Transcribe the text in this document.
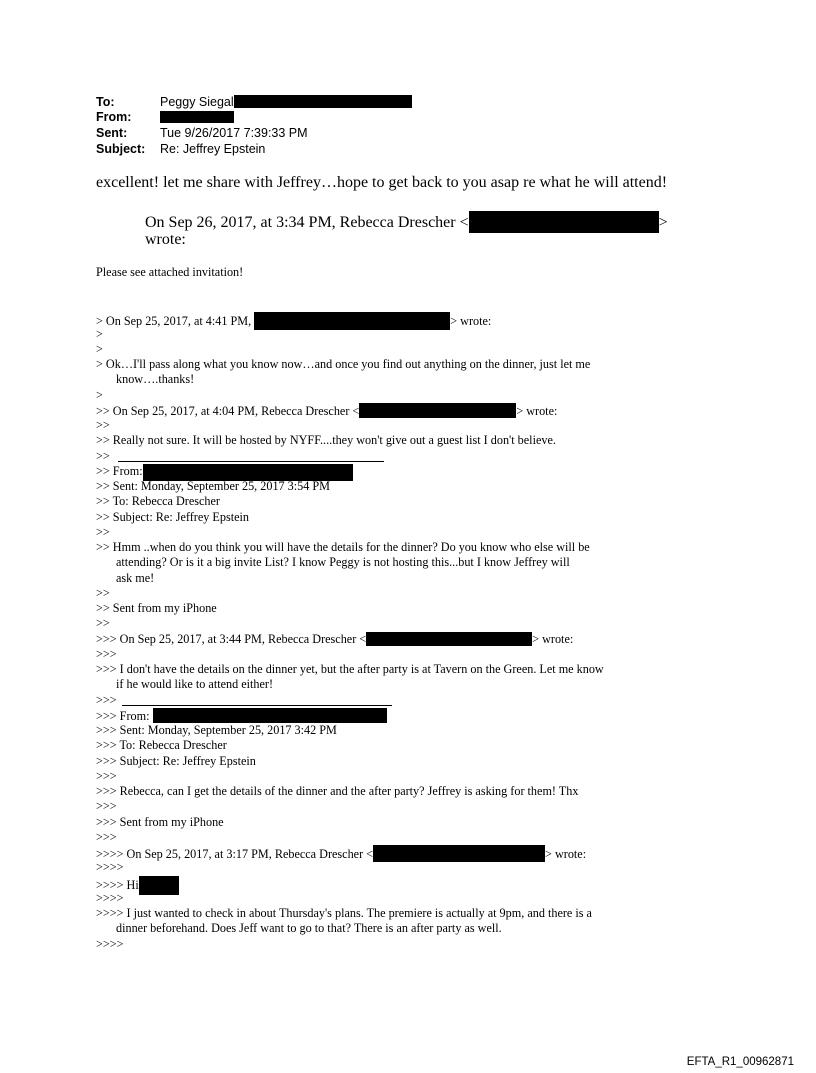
To:	Peggy Siegal
From:
Sent:	Tue 9/26/2017 7:39:33 PM
Subject: Re: Jeffrey Epstein
excellent! let me share with Jeffrey…hope to get back to you asap re what he will attend!
On Sep 26, 2017, at 3:34 PM, Rebecca Drescher <	>
wrote:
Please see attached invitation!
> On Sep 25, 2017, at 4:41 PM,	> wrote:
>
>
> Ok…I'll pass along what you know now…and once you find out anything on the dinner, just let me
know….thanks!
>
>> On Sep 25, 2017, at 4:04 PM, Rebecca Drescher <	> wrote:
>>
>> Really not sure. It will be hosted by NYFF....they won't give out a guest list I don't believe.
>>
>> From:
>> Sent: Monday, September 25, 2017 3:54 PM
>> To: Rebecca Drescher
>> Subject: Re: Jeffrey Epstein
>>
>> Hmm ..when do you think you will have the details for the dinner? Do you know who else will be
attending? Or is it a big invite List? I know Peggy is not hosting this...but I know Jeffrey will
ask me!
>>
>> Sent from my iPhone
>>
>>> On Sep 25, 2017, at 3:44 PM, Rebecca Drescher <	> wrote:
>>>
>>> I don't have the details on the dinner yet, but the after party is at Tavern on the Green. Let me know
if he would like to attend either!
>>>
>>> From:
>>> Sent: Monday, September 25, 2017 3:42 PM
>>> To: Rebecca Drescher
>>> Subject: Re: Jeffrey Epstein
>>>
>>> Rebecca, can I get the details of the dinner and the after party? Jeffrey is asking for them! Thx
>>>
>>> Sent from my iPhone
>>>
>>>> On Sep 25, 2017, at 3:17 PM, Rebecca Drescher <	> wrote:
>>>>
>>>> Hi
>>>>
>>>> I just wanted to check in about Thursday's plans. The premiere is actually at 9pm, and there is a
dinner beforehand. Does Jeff want to go to that? There is an after party as well.
>>>>
EFTA_R1_00962871
